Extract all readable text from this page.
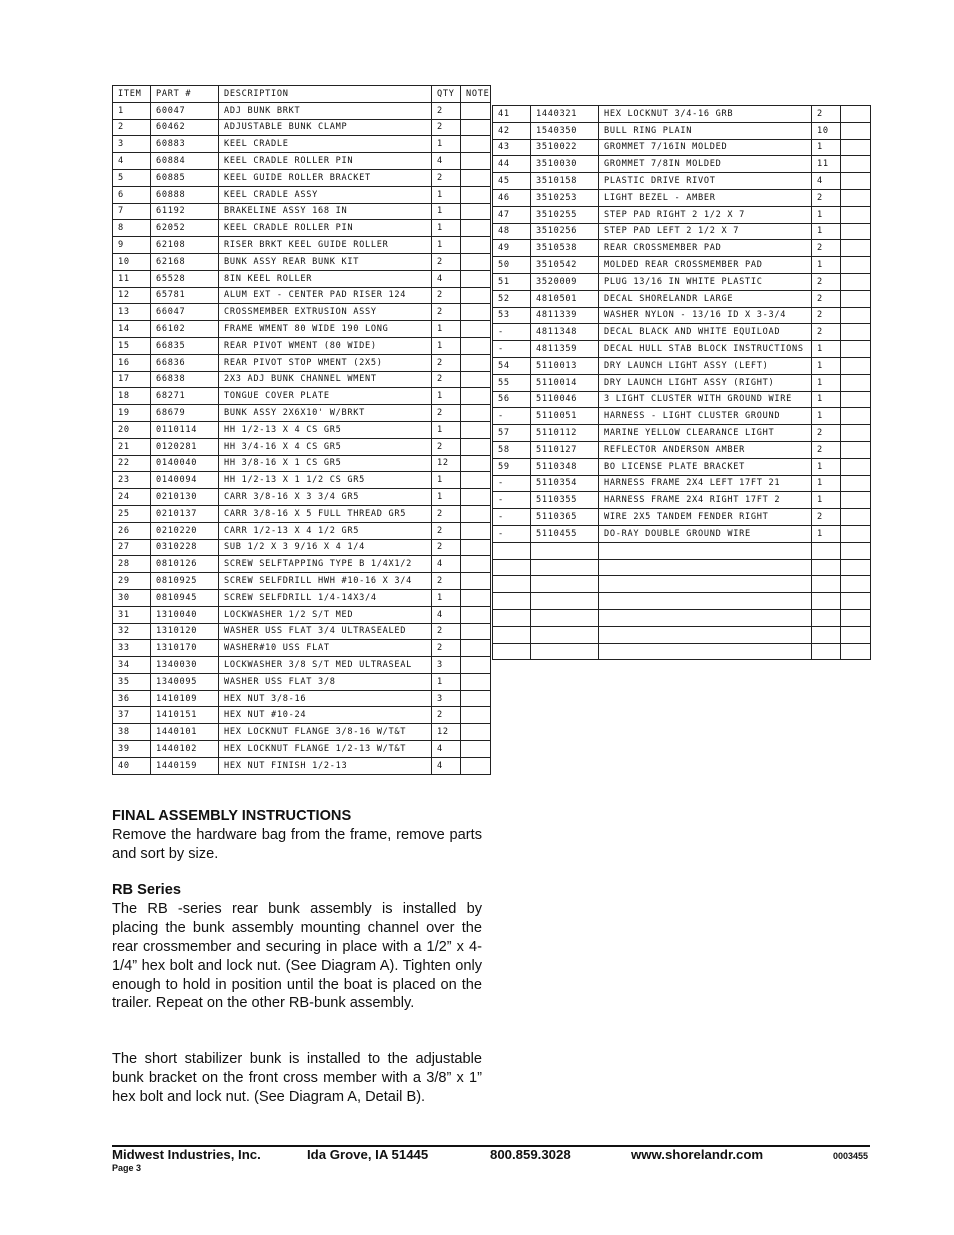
ITEM	PART #	DESCRIPTION	QTY	NOTE
1	60047	ADJ BUNK BRKT	2	
2	60462	ADJUSTABLE BUNK CLAMP	2	
3	60883	KEEL CRADLE	1	
4	60884	KEEL CRADLE ROLLER PIN	4	
5	60885	KEEL GUIDE ROLLER BRACKET	2	
6	60888	KEEL CRADLE ASSY	1	
7	61192	BRAKELINE ASSY 168 IN	1	
8	62052	KEEL CRADLE ROLLER PIN	1	
9	62108	RISER BRKT KEEL GUIDE ROLLER	1	
10	62168	BUNK ASSY REAR BUNK KIT	2	
11	65528	8IN KEEL ROLLER	4	
12	65781	ALUM EXT - CENTER PAD RISER 124	2	
13	66047	CROSSMEMBER EXTRUSION ASSY	2	
14	66102	FRAME WMENT 80 WIDE 190 LONG	1	
15	66835	REAR PIVOT WMENT (80 WIDE)	1	
16	66836	REAR PIVOT STOP WMENT (2X5)	2	
17	66838	2X3 ADJ BUNK CHANNEL WMENT	2	
18	68271	TONGUE COVER PLATE	1	
19	68679	BUNK ASSY 2X6X10' W/BRKT	2	
20	0110114	HH 1/2-13 X 4 CS GR5	1	
21	0120281	HH 3/4-16 X 4 CS GR5	2	
22	0140040	HH 3/8-16 X 1 CS GR5	12	
23	0140094	HH 1/2-13 X 1 1/2 CS GR5	1	
24	0210130	CARR 3/8-16 X 3 3/4 GR5	1	
25	0210137	CARR 3/8-16 X 5 FULL THREAD GR5	2	
26	0210220	CARR 1/2-13 X 4 1/2 GR5	2	
27	0310228	SUB 1/2 X 3 9/16 X 4 1/4	2	
28	0810126	SCREW SELFTAPPING TYPE B 1/4X1/2	4	
29	0810925	SCREW SELFDRILL HWH #10-16 X 3/4	2	
30	0810945	SCREW SELFDRILL 1/4-14X3/4	1	
31	1310040	LOCKWASHER 1/2 S/T MED	4	
32	1310120	WASHER USS FLAT 3/4 ULTRASEALED	2	
33	1310170	WASHER#10 USS FLAT	2	
34	1340030	LOCKWASHER 3/8 S/T MED ULTRASEAL	3	
35	1340095	WASHER USS FLAT 3/8	1	
36	1410109	HEX NUT 3/8-16	3	
37	1410151	HEX NUT #10-24	2	
38	1440101	HEX LOCKNUT FLANGE 3/8-16 W/T&T	12	
39	1440102	HEX LOCKNUT FLANGE 1/2-13 W/T&T	4	
40	1440159	HEX NUT FINISH 1/2-13	4	
41	1440321	HEX LOCKNUT 3/4-16 GRB	2	
42	1540350	BULL RING PLAIN	10	
43	3510022	GROMMET 7/16IN MOLDED	1	
44	3510030	GROMMET 7/8IN MOLDED	11	
45	3510158	PLASTIC DRIVE RIVOT	4	
46	3510253	LIGHT BEZEL - AMBER	2	
47	3510255	STEP PAD RIGHT 2 1/2 X 7	1	
48	3510256	STEP PAD LEFT 2 1/2 X 7	1	
49	3510538	REAR CROSSMEMBER PAD	2	
50	3510542	MOLDED REAR CROSSMEMBER PAD	1	
51	3520009	PLUG 13/16 IN WHITE PLASTIC	2	
52	4810501	DECAL SHORELANDR LARGE	2	
53	4811339	WASHER NYLON - 13/16 ID X 3-3/4	2	
-	4811348	DECAL BLACK AND WHITE EQUILOAD	2	
-	4811359	DECAL HULL STAB BLOCK INSTRUCTIONS	1	
54	5110013	DRY LAUNCH LIGHT ASSY (LEFT)	1	
55	5110014	DRY LAUNCH LIGHT ASSY (RIGHT)	1	
56	5110046	3 LIGHT CLUSTER WITH GROUND WIRE	1	
-	5110051	HARNESS - LIGHT CLUSTER GROUND	1	
57	5110112	MARINE YELLOW CLEARANCE LIGHT	2	
58	5110127	REFLECTOR ANDERSON AMBER	2	
59	5110348	BO LICENSE PLATE BRACKET	1	
-	5110354	HARNESS FRAME 2X4 LEFT 17FT 21	1	
-	5110355	HARNESS FRAME 2X4 RIGHT 17FT 2	1	
-	5110365	WIRE 2X5 TANDEM FENDER RIGHT	2	
-	5110455	DO-RAY DOUBLE GROUND WIRE	1	

FINAL ASSEMBLY INSTRUCTIONS

Remove the hardware bag from the frame, remove parts and sort by size.

RB Series

The RB -series rear bunk assembly is installed by placing the bunk assembly mounting channel over the rear crossmember and securing in place with a 1/2” x 4-1/4” hex bolt and lock nut. (See Diagram A). Tighten only enough to hold in position until the boat is placed on the trailer. Repeat on the other RB-bunk assembly.

The short stabilizer bunk is installed to the adjustable bunk bracket on the front cross member with a 3/8” x 1” hex bolt and lock nut. (See Diagram A, Detail B).

Midwest Industries, Inc.	Ida Grove, IA 51445	800.859.3028	www.shorelandr.com	0003455
Page 3
